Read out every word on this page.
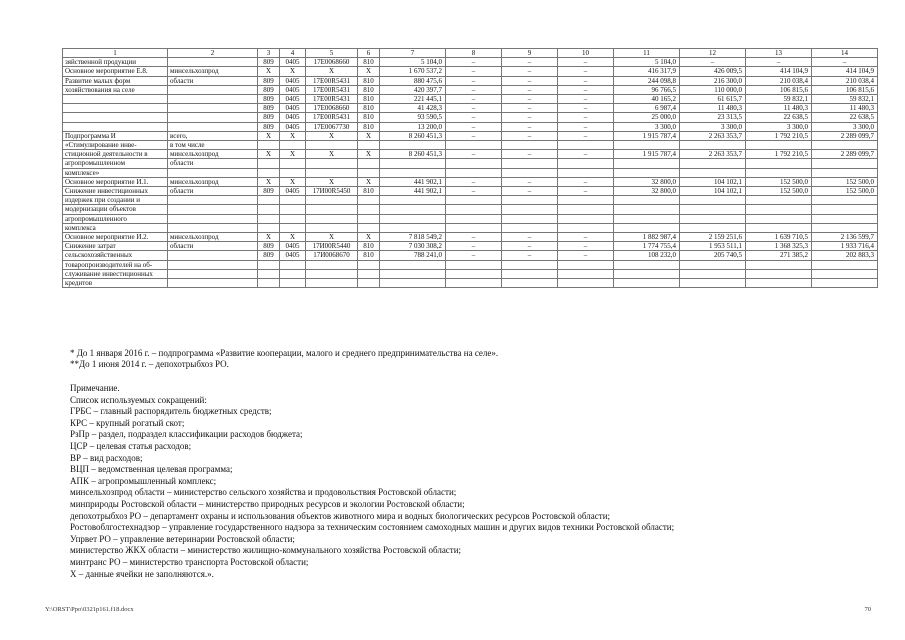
1	2	3	4	5	6	7	8	9	10	11	12	13	14
зяйственной продукции		809	0405	17E0068660	810	5 104,0	–	–	–	5 104,0	–	–	–
Основное мероприятие Е.8.	минсельхозпрод	Х	Х	Х	Х	1 670 537,2	–	–	–	416 317,9	426 009,5	414 104,9	414 104,9
Развитие малых форм	области	809	0405	17E00R5431	810	880 475,6	–	–	–	244 098,8	216 300,0	210 038,4	210 038,4
хозяйствования на селе		809	0405	17E00R5431	810	420 397,7	–	–	–	96 766,5	110 000,0	106 815,6	106 815,6
		809	0405	17E00R5431	810	221 445,1	–	–	–	40 165,2	61 615,7	59 832,1	59 832,1
		809	0405	17E0068660	810	41 428,3	–	–	–	6 987,4	11 480,3	11 480,3	11 480,3
		809	0405	17E00R5431	810	93 590,5	–	–	–	25 000,0	23 313,5	22 638,5	22 638,5
		809	0405	17E0067730	810	13 200,0	–	–	–	3 300,0	3 300,0	3 300,0	3 300,0
Подпрограмма И	всего,	Х	Х	Х	Х	8 260 451,3	–	–	–	1 915 787,4	2 263 353,7	1 792 210,5	2 289 099,7
«Стимулирование инве-	в том числе												
стиционной деятельности в	минсельхозпрод	Х	Х	Х	Х	8 260 451,3	–	–	–	1 915 787,4	2 263 353,7	1 792 210,5	2 289 099,7
агропромышленном	области												
комплексе»													
Основное мероприятие И.1.	минсельхозпрод	Х	Х	Х	Х	441 902,1	–	–	–	32 800,0	104 102,1	152 500,0	152 500,0
Снижение инвестиционных	области	809	0405	17И00R5450	810	441 902,1	–	–	–	32 800,0	104 102,1	152 500,0	152 500,0
издержек при создании и													
модернизации объектов													
агропромышленного													
комплекса													
Основное мероприятие И.2.	минсельхозпрод	Х	Х	Х	Х	7 818 549,2	–	–	–	1 882 987,4	2 159 251,6	1 639 710,5	2 136 599,7
Снижение затрат	области	809	0405	17И00R5440	810	7 030 308,2	–	–	–	1 774 755,4	1 953 511,1	1 368 325,3	1 933 716,4
сельскохозяйственных		809	0405	17И0068670	810	788 241,0	–	–	–	108 232,0	205 740,5	271 385,2	202 883,3
товаропроизводителей на об-													
служивание инвестиционных													
кредитов													
* До 1 января 2016 г. – подпрограмма «Развитие кооперации, малого и среднего предпринимательства на селе».
**До 1 июня 2014 г. – депохотрыбхоз РО.
Примечание.
Список используемых сокращений:
ГРБС – главный распорядитель бюджетных средств;
КРС – крупный рогатый скот;
РзПр – раздел, подраздел классификации расходов бюджета;
ЦСР – целевая статья расходов;
ВР – вид расходов;
ВЦП – ведомственная целевая программа;
АПК – агропромышленный комплекс;
минсельхозпрод области – министерство сельского хозяйства и продовольствия Ростовской области;
минприроды Ростовской области – министерство природных ресурсов и экологии Ростовской области;
депохотрыбхоз РО – департамент охраны и использования объектов животного мира и водных биологических ресурсов Ростовской области;
Ростовоблгостехнадзор – управление государственного надзора за техническим состоянием самоходных машин и других видов техники Ростовской области;
Упрвет РО – управление ветеринарии Ростовской области;
министерство ЖКХ области – министерство жилищно-коммунального хозяйства Ростовской области;
минтранс РО – министерство транспорта Ростовской области;
Х – данные ячейки не заполняются.».
Y:\ORST\Ppo\0321p161.f18.docx	70
